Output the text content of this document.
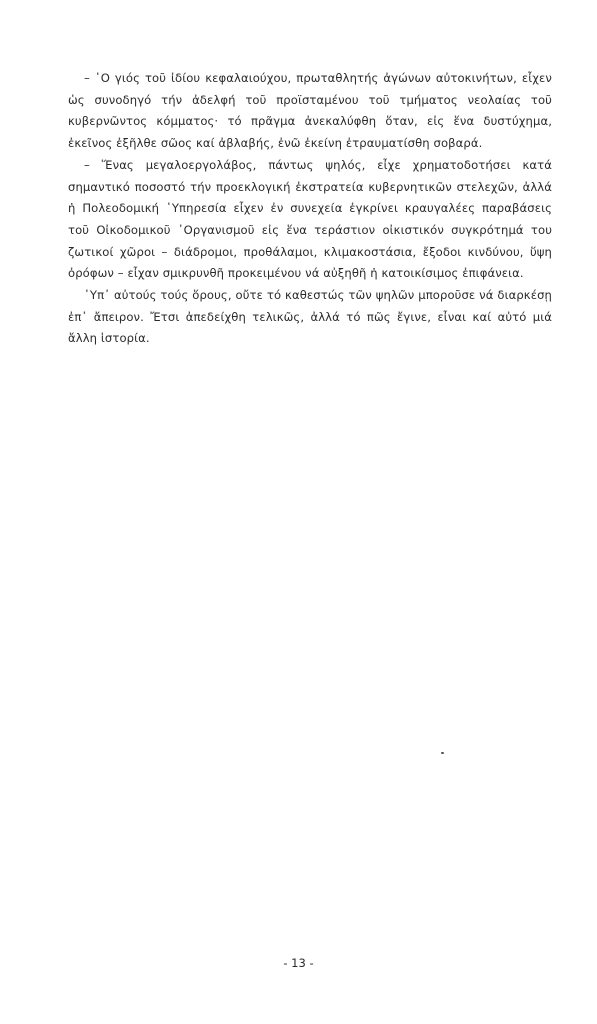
– ῾Ο γιός τοῦ ἰδίου κεφαλαιούχου, πρωταθλητής ἀγώνων αὐτοκινήτων, εἶχεν ὡς συνοδηγό τήν ἀδελφή τοῦ προϊσταμένου τοῦ τμήματος νεολαίας τοῦ κυβερνῶντος κόμματος· τό πρᾶγμα ἀνεκαλύφθη ὅταν, εἰς ἕνα δυστύχημα, ἐκεῖνος ἐξῆλθε σῶος καί ἀβλαβής, ἐνῶ ἐκείνη ἐτραυματίσθη σοβαρά.

– Ἕνας μεγαλοεργολάβος, πάντως ψηλός, εἶχε χρηματοδοτήσει κατά σημαντικό ποσοστό τήν προεκλογική ἐκστρατεία κυβερνητικῶν στελεχῶν, ἀλλά ἡ Πολεοδομική ῾Υπηρεσία εἶχεν ἐν συνεχεία ἐγκρίνει κραυγαλέες παραβάσεις τοῦ Οἰκοδομικοῦ ᾿Οργανισμοῦ εἰς ἕνα τεράστιον οἰκιστικόν συγκρότημά του ζωτικοί χῶροι – διάδρομοι, προθάλαμοι, κλιμακοστάσια, ἔξοδοι κινδύνου, ὕψη ὀρόφων – εἶχαν σμικρυνθῆ προκειμένου νά αὐξηθῆ ἡ κατοικίσιμος ἐπιφάνεια.

῾Υπ᾿ αὐτούς τούς ὅρους, οὔτε τό καθεστώς τῶν ψηλῶν μποροῦσε νά διαρκέσῃ ἐπ᾿ ἄπειρον. Ἔτσι ἀπεδείχθη τελικῶς, ἀλλά τό πῶς ἔγινε, εἶναι καί αὐτό μιά ἄλλη ἱστορία.

- 13 -
